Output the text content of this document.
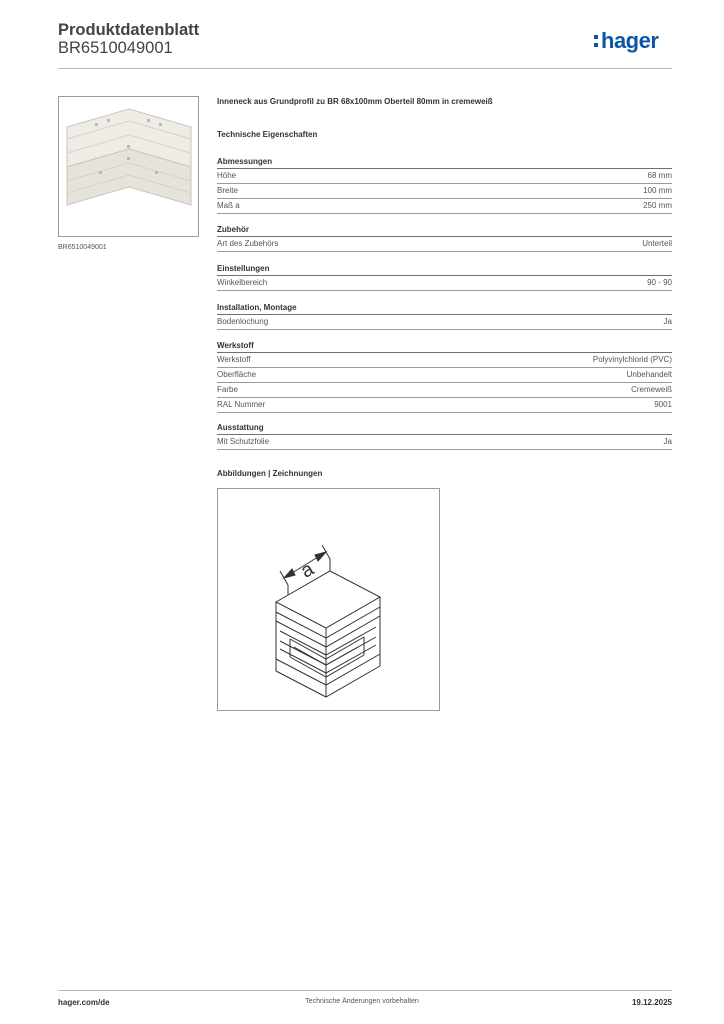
Produktdatenblatt
BR6510049001	hager
BR6510049001
Inneneck aus Grundprofil zu BR 68x100mm Oberteil 80mm in cremeweiß
Technische Eigenschaften
Abmessungen
Höhe	68 mm
Breite	100 mm
Maß a	250 mm
Zubehör
Art des Zubehörs	Unterteil
Einstellungen
Winkelbereich	90 - 90
Installation, Montage
Bodenlochung	Ja
Werkstoff
Werkstoff	Polyvinylchlorid (PVC)
Oberfläche	Unbehandelt
Farbe	Cremeweiß
RAL Nummer	9001
Ausstattung
Mit Schutzfolie	Ja
Abbildungen | Zeichnungen
a
hager.com/de	Technische Änderungen vorbehalten	19.12.2025
